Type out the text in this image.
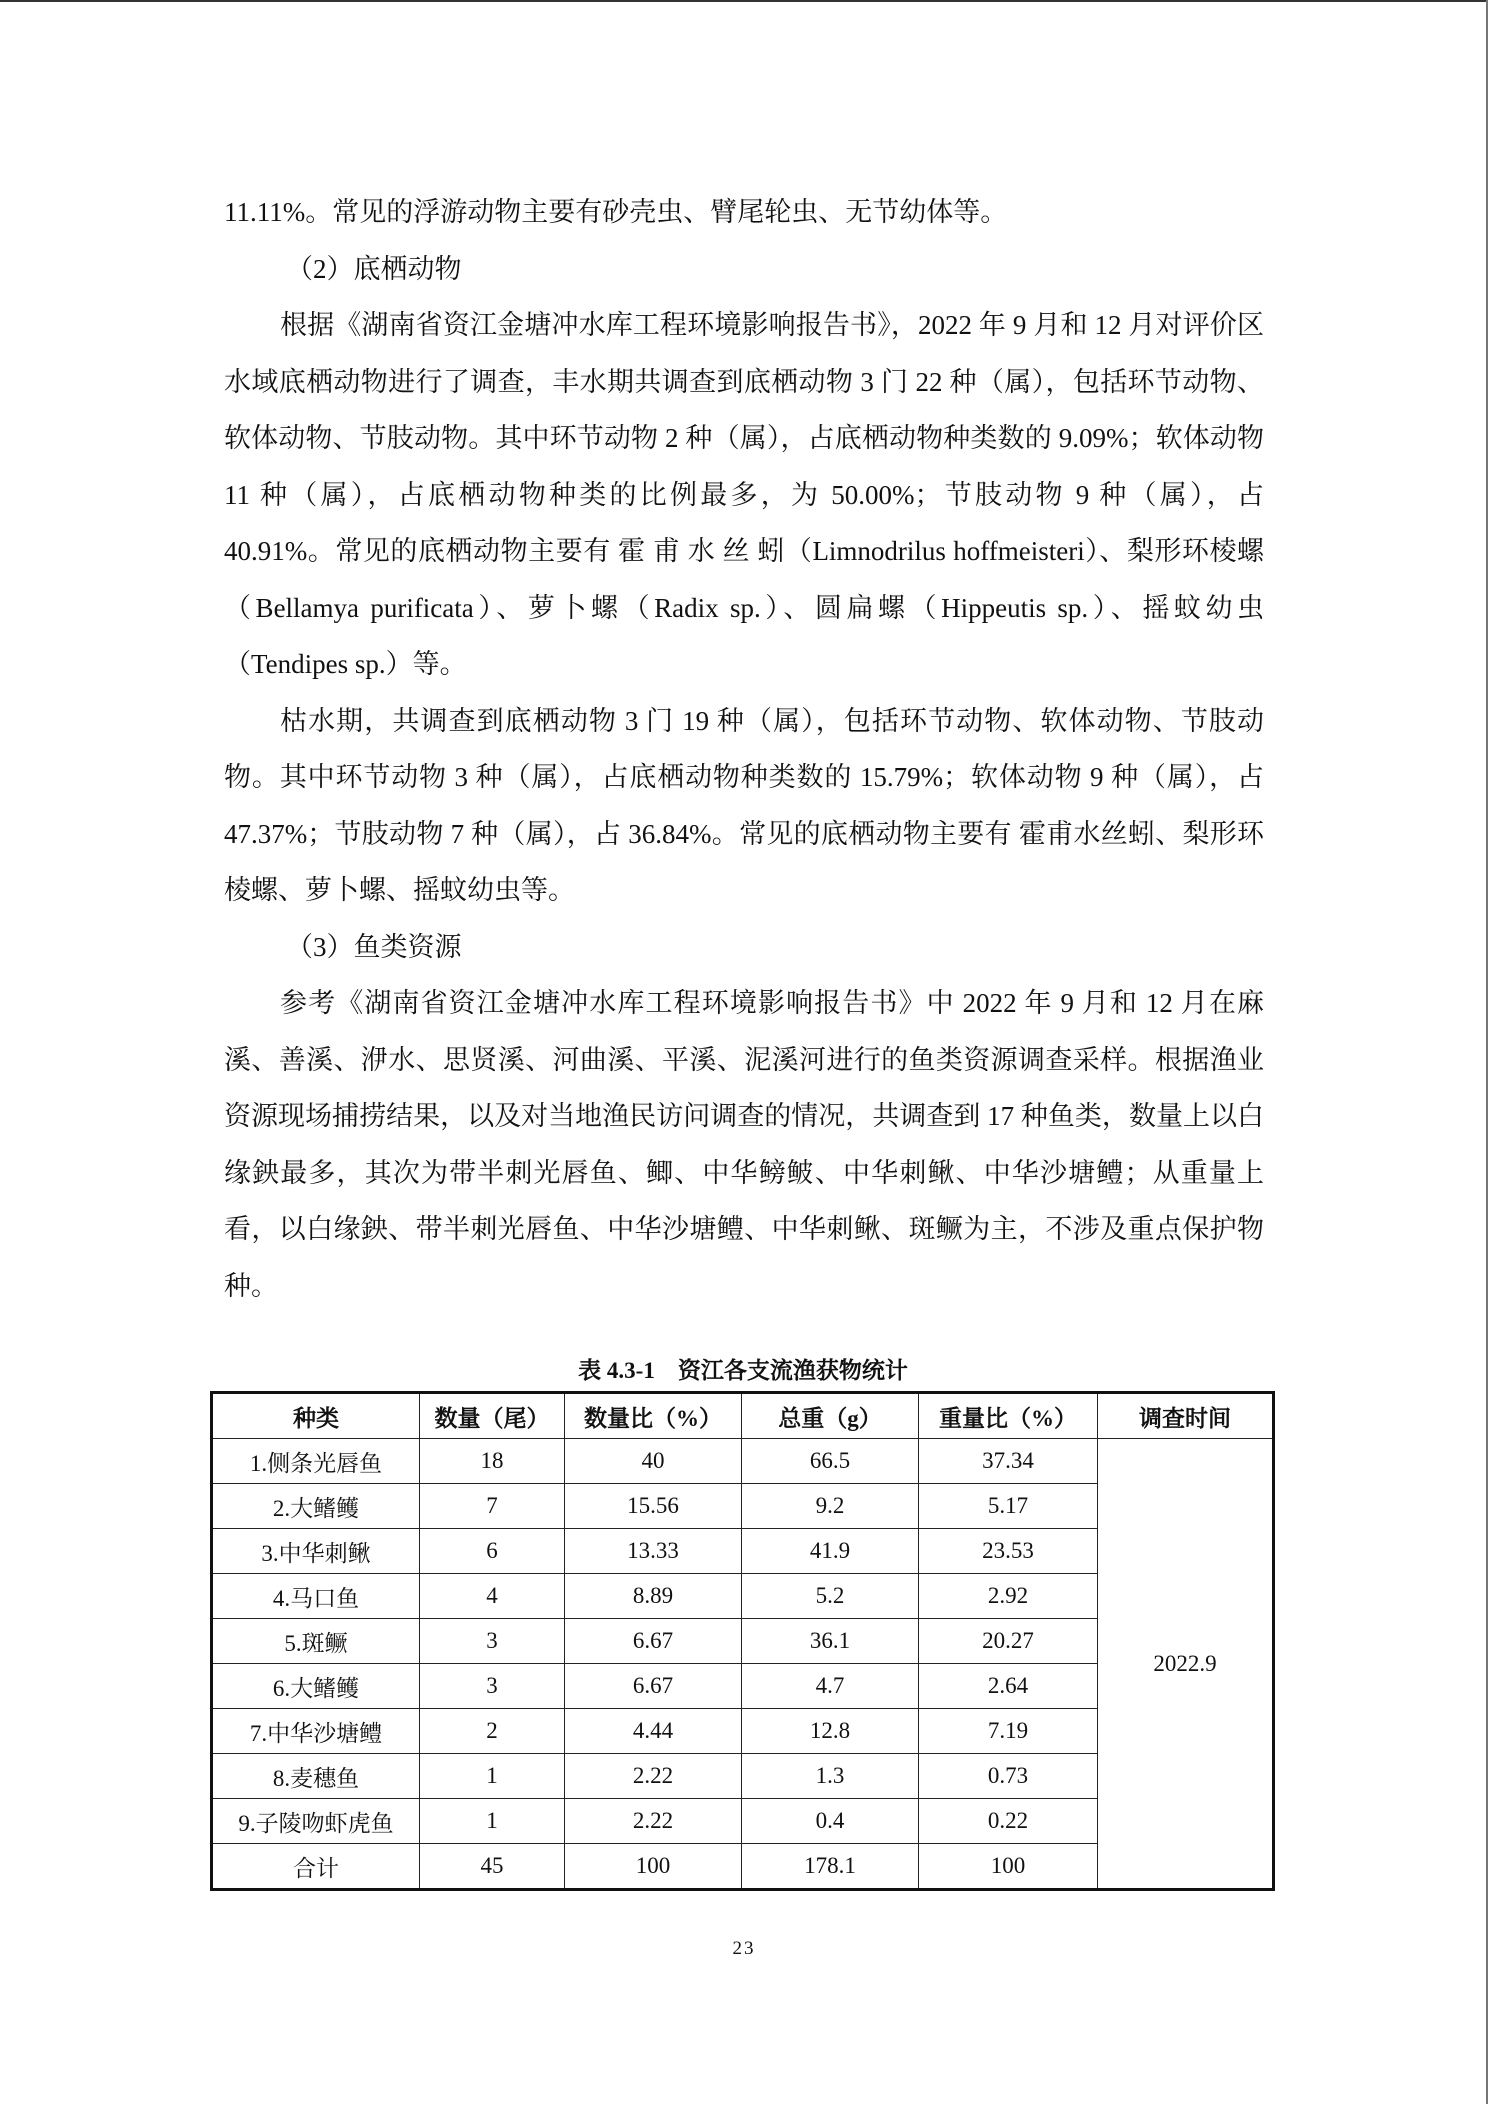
11.11%。常见的浮游动物主要有砂壳虫、臂尾轮虫、无节幼体等。

（2）底栖动物

根据《湖南省资江金塘冲水库工程环境影响报告书》，2022 年 9 月和 12 月对评价区水域底栖动物进行了调查，丰水期共调查到底栖动物 3 门 22 种（属），包括环节动物、软体动物、节肢动物。其中环节动物 2 种（属），占底栖动物种类数的 9.09%；软体动物 11 种（属），占底栖动物种类的比例最多，为 50.00%；节肢动物 9 种（属），占 40.91%。常见的底栖动物主要有 霍 甫 水 丝 蚓（Limnodrilus hoffmeisteri）、梨形环棱螺（Bellamya purificata）、萝卜螺（Radix sp.）、圆扁螺（Hippeutis sp.）、摇蚊幼虫（Tendipes sp.）等。

枯水期，共调查到底栖动物 3 门 19 种（属），包括环节动物、软体动物、节肢动物。其中环节动物 3 种（属），占底栖动物种类数的 15.79%；软体动物 9 种（属），占 47.37%；节肢动物 7 种（属），占 36.84%。常见的底栖动物主要有 霍甫水丝蚓、梨形环棱螺、萝卜螺、摇蚊幼虫等。

（3）鱼类资源

参考《湖南省资江金塘冲水库工程环境影响报告书》中 2022 年 9 月和 12 月在麻溪、善溪、洢水、思贤溪、河曲溪、平溪、泥溪河进行的鱼类资源调查采样。根据渔业资源现场捕捞结果，以及对当地渔民访问调查的情况，共调查到 17 种鱼类，数量上以白缘鉠最多，其次为带半刺光唇鱼、鲫、中华鳑鲏、中华刺鳅、中华沙塘鳢；从重量上看，以白缘鉠、带半刺光唇鱼、中华沙塘鳢、中华刺鳅、斑鳜为主，不涉及重点保护物种。

表 4.3-1　资江各支流渔获物统计
种类	数量（尾）	数量比（%）	总重（g）	重量比（%）	调查时间
1.侧条光唇鱼	18	40	66.5	37.34	2022.9
2.大鳍鳠	7	15.56	9.2	5.17	
3.中华刺鳅	6	13.33	41.9	23.53	
4.马口鱼	4	8.89	5.2	2.92	
5.斑鳜	3	6.67	36.1	20.27	
6.大鳍鳠	3	6.67	4.7	2.64	
7.中华沙塘鳢	2	4.44	12.8	7.19	
8.麦穗鱼	1	2.22	1.3	0.73	
9.子陵吻虾虎鱼	1	2.22	0.4	0.22	
合计	45	100	178.1	100	
23
